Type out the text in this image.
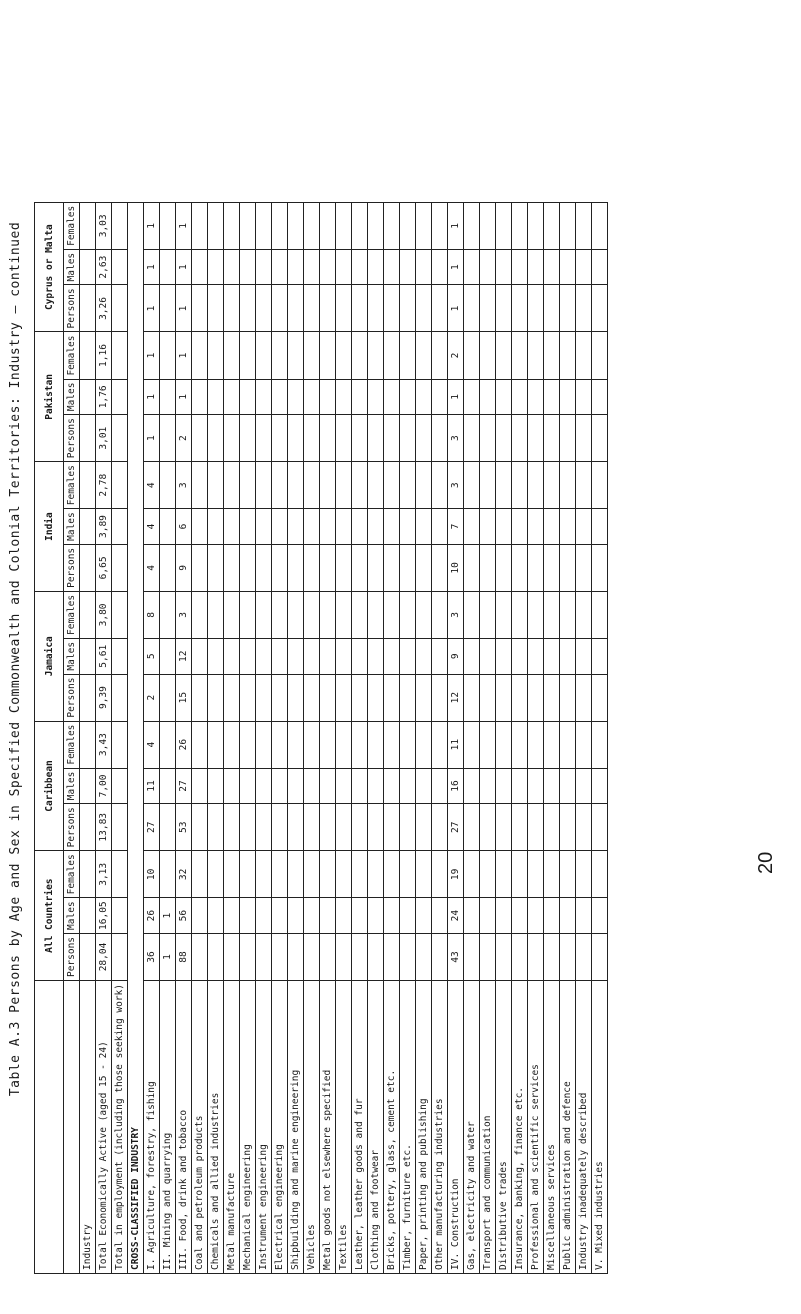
Table A.3 Persons by Age and Sex in Specified Commonwealth and Colonial Territories: Industry — continued	20
	All Countries			Caribbean			Jamaica			India			Pakistan			Cyprus or Malta		
	Persons	Males	Females	Persons	Males	Females	Persons	Males	Females	Persons	Males	Females	Persons	Males	Females	Persons	Males	Females
Industry																		
Total Economically Active (aged 15 - 24)	28,04	16,05	3,13	13,83	7,00	3,43	9,39	5,61	3,80	6,65	3,89	2,78	3,01	1,76	1,16	3,26	2,63	3,03
Total in employment (including those seeking work)																		
CROSS-CLASSIFIED INDUSTRY																		
I. Agriculture, forestry, fishing	36	26	10	27	11	4	2	5	8	4	4	4	1	1	1	1	1	1
II. Mining and quarrying	1	1																
III. Food, drink and tobacco	88	56	32	53	27	26	15	12	3	9	6	3	2	1	1	1	1	1
Coal and petroleum products																		
Chemicals and allied industries																		
Metal manufacture																		
Mechanical engineering																		
Instrument engineering																		
Electrical engineering																		
Shipbuilding and marine engineering																		
Vehicles																		
Metal goods not elsewhere specified																		
Textiles																		
Leather, leather goods and fur																		
Clothing and footwear																		
Bricks, pottery, glass, cement etc.																		
Timber, furniture etc.																		
Paper, printing and publishing																		
Other manufacturing industries																		
IV. Construction	43	24	19	27	16	11	12	9	3	10	7	3	3	1	2	1	1	1
Gas, electricity and water																		
Transport and communication																		
Distributive trades																		
Insurance, banking, finance etc.																		
Professional and scientific services																		
Miscellaneous services																		
Public administration and defence																		
Industry inadequately described																		
V. Mixed industries																		
